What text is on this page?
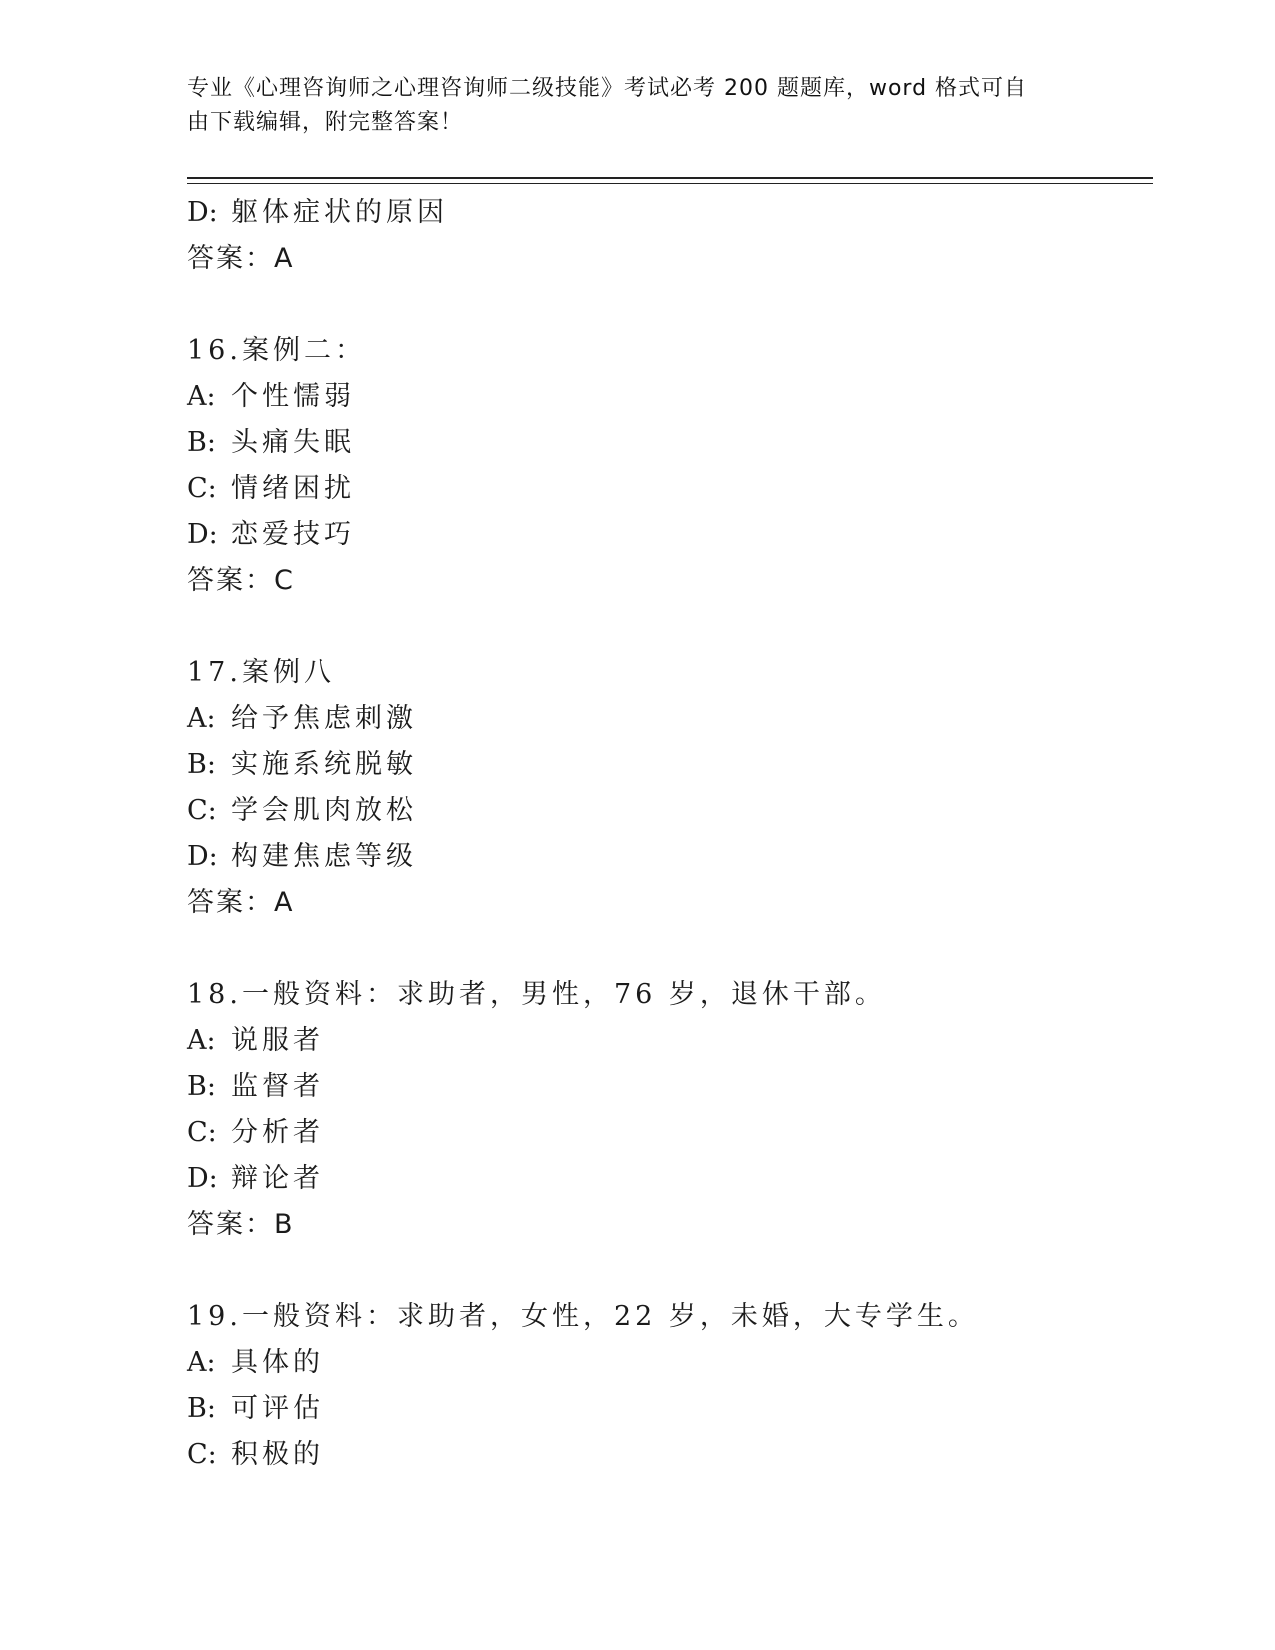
专业《心理咨询师之心理咨询师二级技能》考试必考 200 题题库，word 格式可自
由下载编辑，附完整答案！
D: 躯体症状的原因
答案：A
16.案例二：
A: 个性懦弱
B: 头痛失眠
C: 情绪困扰
D: 恋爱技巧
答案：C
17.案例八
A: 给予焦虑刺激
B: 实施系统脱敏
C: 学会肌肉放松
D: 构建焦虑等级
答案：A
18.一般资料：求助者，男性，76 岁，退休干部。
A: 说服者
B: 监督者
C: 分析者
D: 辩论者
答案：B
19.一般资料：求助者，女性，22 岁，未婚，大专学生。
A: 具体的
B: 可评估
C: 积极的
